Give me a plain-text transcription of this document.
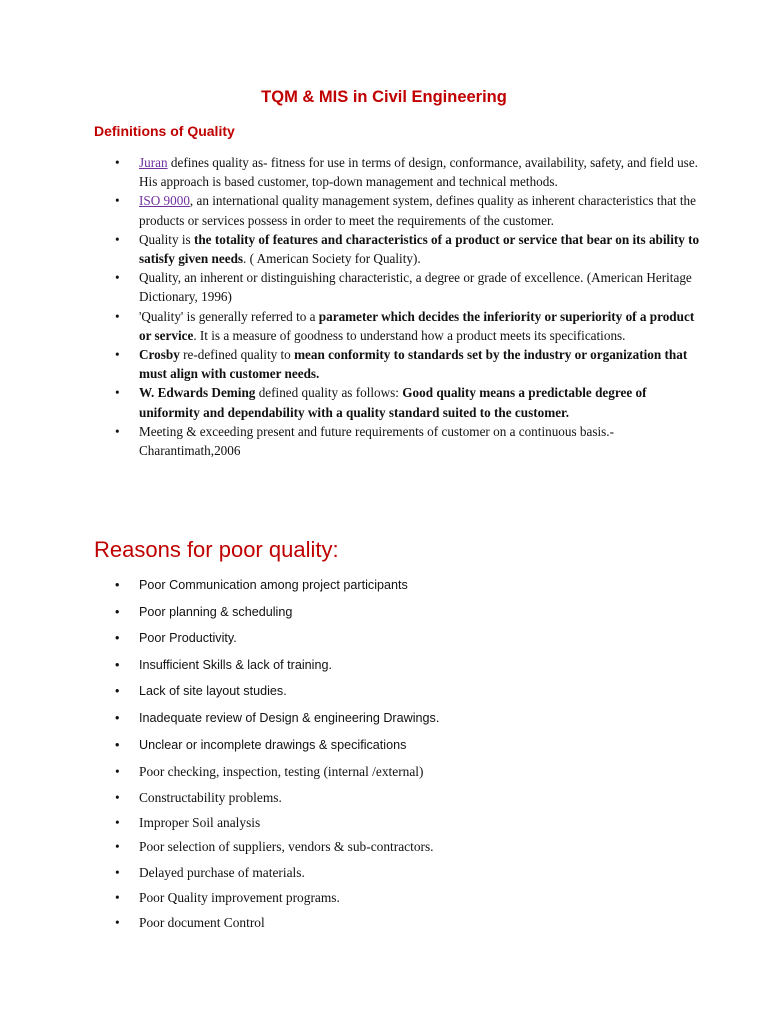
TQM & MIS in Civil Engineering
Definitions of Quality
• Juran defines quality as- fitness for use in terms of design, conformance, availability, safety, and field use. His approach is based customer, top-down management and technical methods.
• ISO 9000, an international quality management system, defines quality as inherent characteristics that the products or services possess in order to meet the requirements of the customer.
• Quality is the totality of features and characteristics of a product or service that bear on its ability to satisfy given needs. ( American Society for Quality).
• Quality, an inherent or distinguishing characteristic, a degree or grade of excellence. (American Heritage Dictionary, 1996)
• 'Quality' is generally referred to a parameter which decides the inferiority or superiority of a product or service. It is a measure of goodness to understand how a product meets its specifications.
• Crosby re-defined quality to mean conformity to standards set by the industry or organization that must align with customer needs.
• W. Edwards Deming defined quality as follows: Good quality means a predictable degree of uniformity and dependability with a quality standard suited to the customer.
• Meeting & exceeding present and future requirements of customer on a continuous basis.- Charantimath,2006
Reasons for poor quality:
• Poor Communication among project participants
• Poor planning & scheduling
• Poor Productivity.
• Insufficient Skills & lack of training.
• Lack of site layout studies.
• Inadequate review of Design & engineering Drawings.
• Unclear or incomplete drawings & specifications
• Poor checking, inspection, testing (internal /external)
• Constructability problems.
• Improper Soil analysis
• Poor selection of suppliers, vendors & sub-contractors.
• Delayed purchase of materials.
• Poor Quality improvement programs.
• Poor document Control
